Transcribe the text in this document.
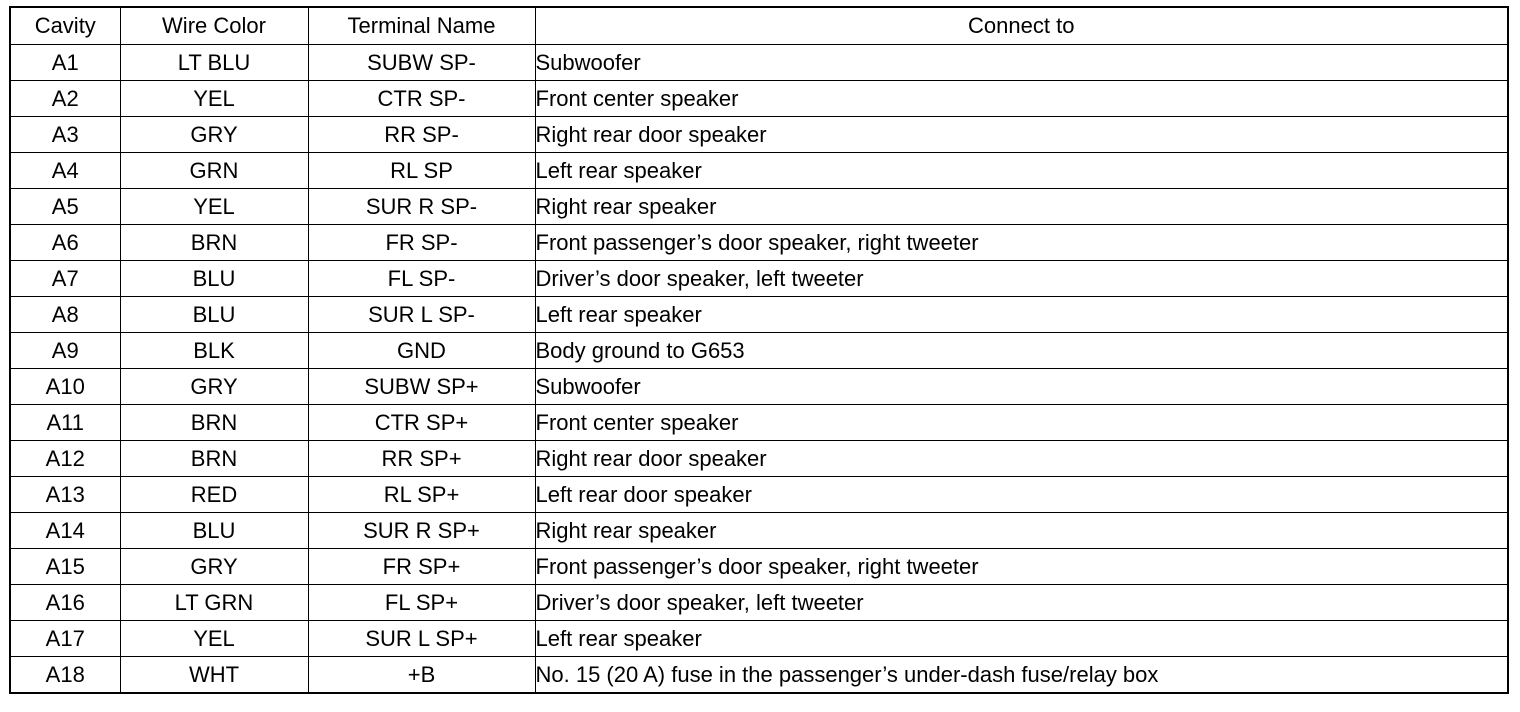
Cavity	Wire Color	Terminal Name	Connect to
A1	LT BLU	SUBW SP-	Subwoofer
A2	YEL	CTR SP-	Front center speaker
A3	GRY	RR SP-	Right rear door speaker
A4	GRN	RL SP	Left rear speaker
A5	YEL	SUR R SP-	Right rear speaker
A6	BRN	FR SP-	Front passenger’s door speaker, right tweeter
A7	BLU	FL SP-	Driver’s door speaker, left tweeter
A8	BLU	SUR L SP-	Left rear speaker
A9	BLK	GND	Body ground to G653
A10	GRY	SUBW SP+	Subwoofer
A11	BRN	CTR SP+	Front center speaker
A12	BRN	RR SP+	Right rear door speaker
A13	RED	RL SP+	Left rear door speaker
A14	BLU	SUR R SP+	Right rear speaker
A15	GRY	FR SP+	Front passenger’s door speaker, right tweeter
A16	LT GRN	FL SP+	Driver’s door speaker, left tweeter
A17	YEL	SUR L SP+	Left rear speaker
A18	WHT	+B	No. 15 (20 A) fuse in the passenger’s under-dash fuse/relay box
